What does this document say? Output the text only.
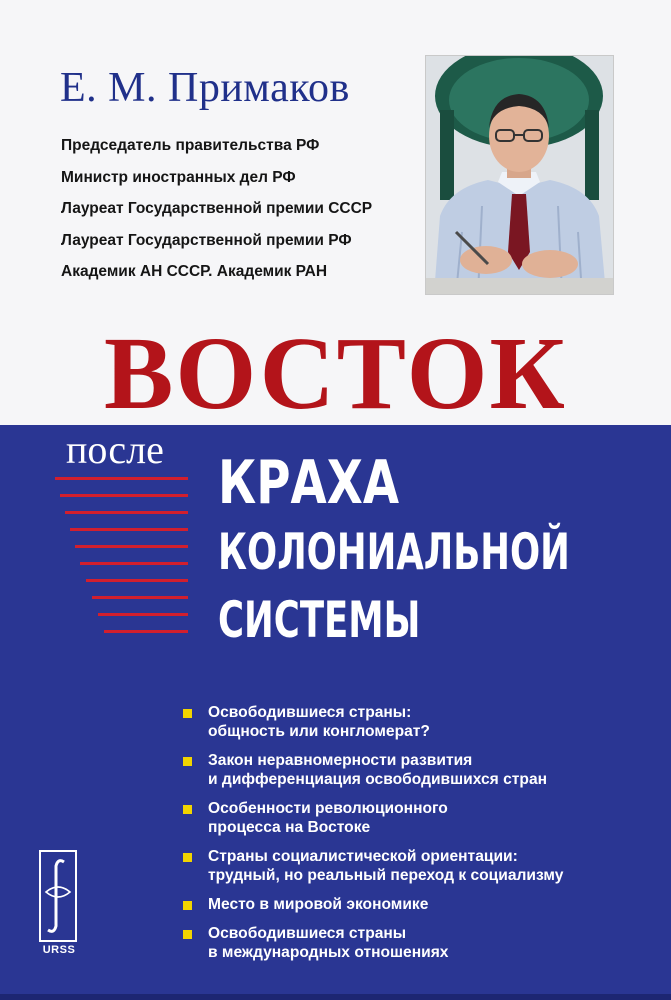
Е. М. Примаков
Председатель правительства РФ
Министр иностранных дел РФ
Лауреат Государственной премии СССР
Лауреат Государственной премии РФ
Академик АН СССР. Академик РАН
ВОСТОК
после КРАХА
КОЛОНИАЛЬНОЙ
СИСТЕМЫ
Освободившиеся страны:
общность или конгломерат?
Закон неравномерности развития
и дифференциация освободившихся стран
Особенности революционного
процесса на Востоке
Страны социалистической ориентации:
трудный, но реальный переход к социализму
Место в мировой экономике
Освободившиеся страны
в международных отношениях
URSS
